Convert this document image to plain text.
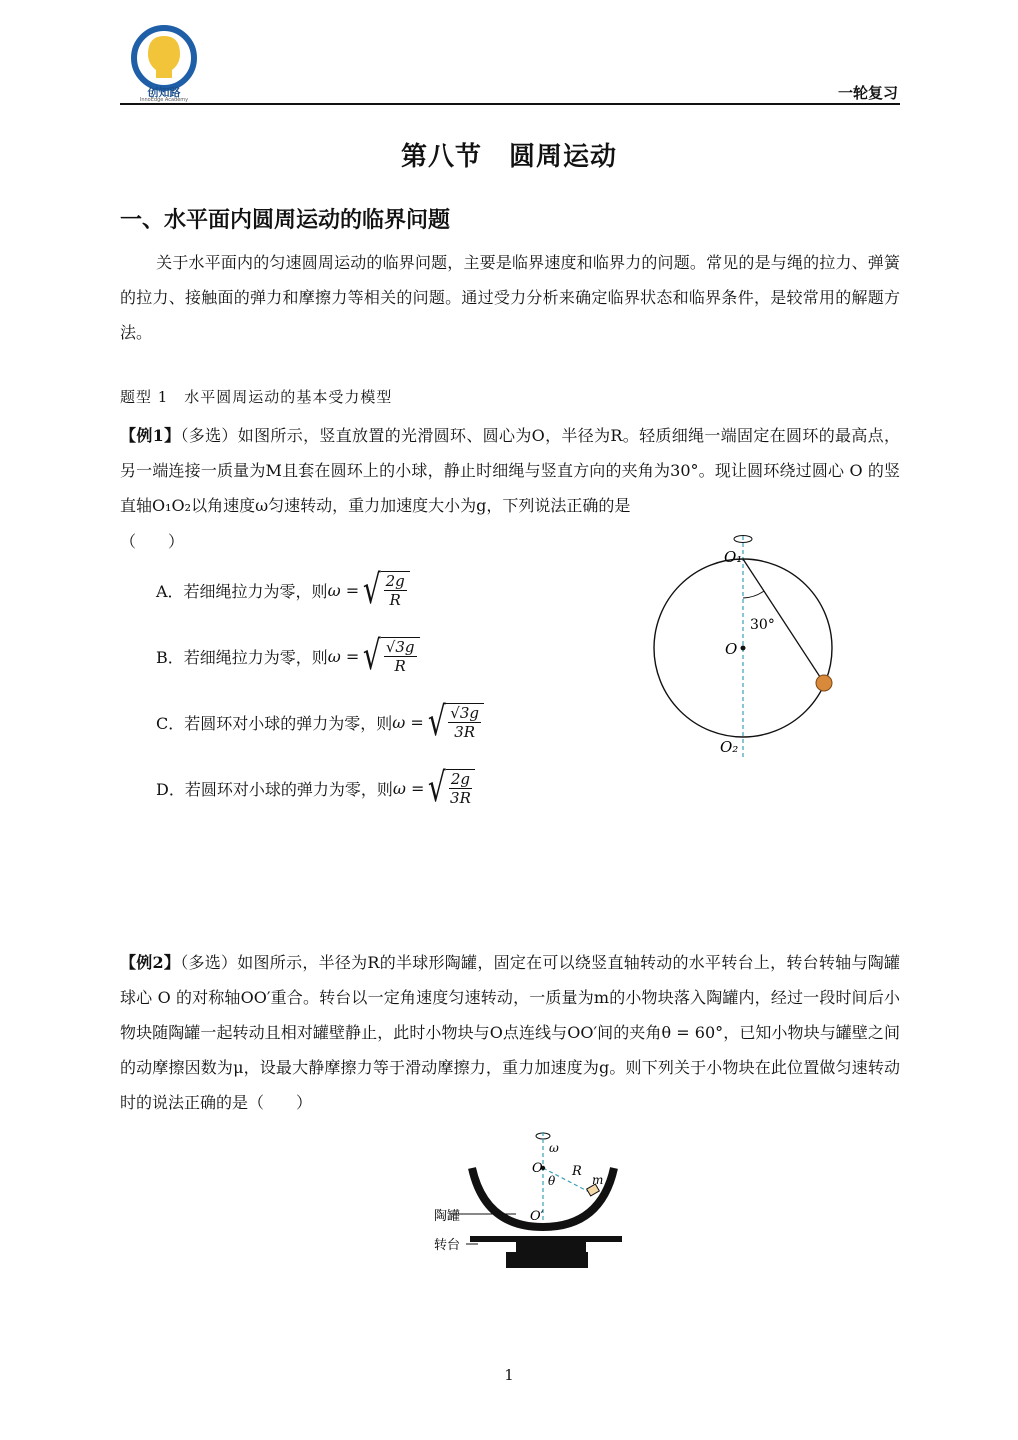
创知路
InnoEdge Academy	一轮复习
第八节　圆周运动
一、水平面内圆周运动的临界问题
关于水平面内的匀速圆周运动的临界问题，主要是临界速度和临界力的问题。常见的是与绳的拉力、弹簧的拉力、接触面的弹力和摩擦力等相关的问题。通过受力分析来确定临界状态和临界条件，是较常用的解题方法。
题型 1　水平圆周运动的基本受力模型
【例1】（多选）如图所示，竖直放置的光滑圆环、圆心为O，半径为R。轻质细绳一端固定在圆环的最高点，另一端连接一质量为M且套在圆环上的小球，静止时细绳与竖直方向的夹角为30°。现让圆环绕过圆心 O 的竖直轴O₁O₂以角速度ω匀速转动，重力加速度大小为g，下列说法正确的是
（　　）
A．若细绳拉力为零，则 ω = √ $\frac{2g}{R}$
B．若细绳拉力为零，则 ω = √ $\frac{√3g}{R}$
C．若圆环对小球的弹力为零，则 ω = √ $\frac{√3g}{3R}$
D．若圆环对小球的弹力为零，则 ω = √ $\frac{2g}{3R}$
O₁
30°
O
O₂
【例2】（多选）如图所示，半径为R的半球形陶罐，固定在可以绕竖直轴转动的水平转台上，转台转轴与陶罐球心 O 的对称轴OO′重合。转台以一定角速度匀速转动，一质量为m的小物块落入陶罐内，经过一段时间后小物块随陶罐一起转动且相对罐壁静止，此时小物块与O点连线与OO′间的夹角θ = 60°，已知小物块与罐壁之间的动摩擦因数为μ，设最大静摩擦力等于滑动摩擦力，重力加速度为g。则下列关于小物块在此位置做匀速转动时的说法正确的是（　　）
ω
O
θ
R
m
O′
陶罐
转台
1
